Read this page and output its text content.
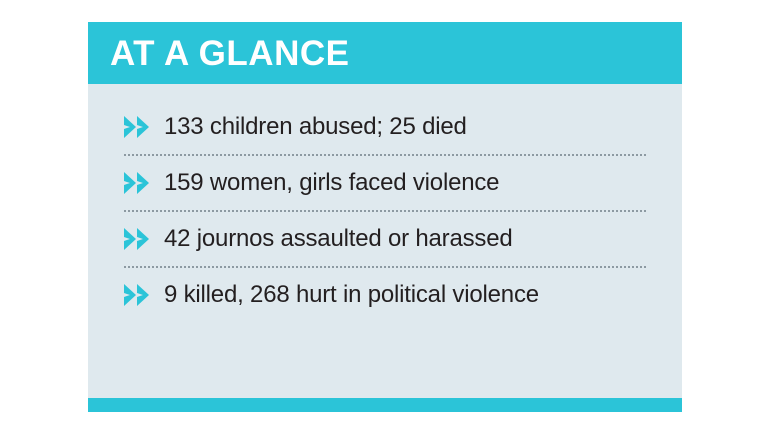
AT A GLANCE
133 children abused; 25 died
159 women, girls faced violence
42 journos assaulted or harassed
9 killed, 268 hurt in political violence
